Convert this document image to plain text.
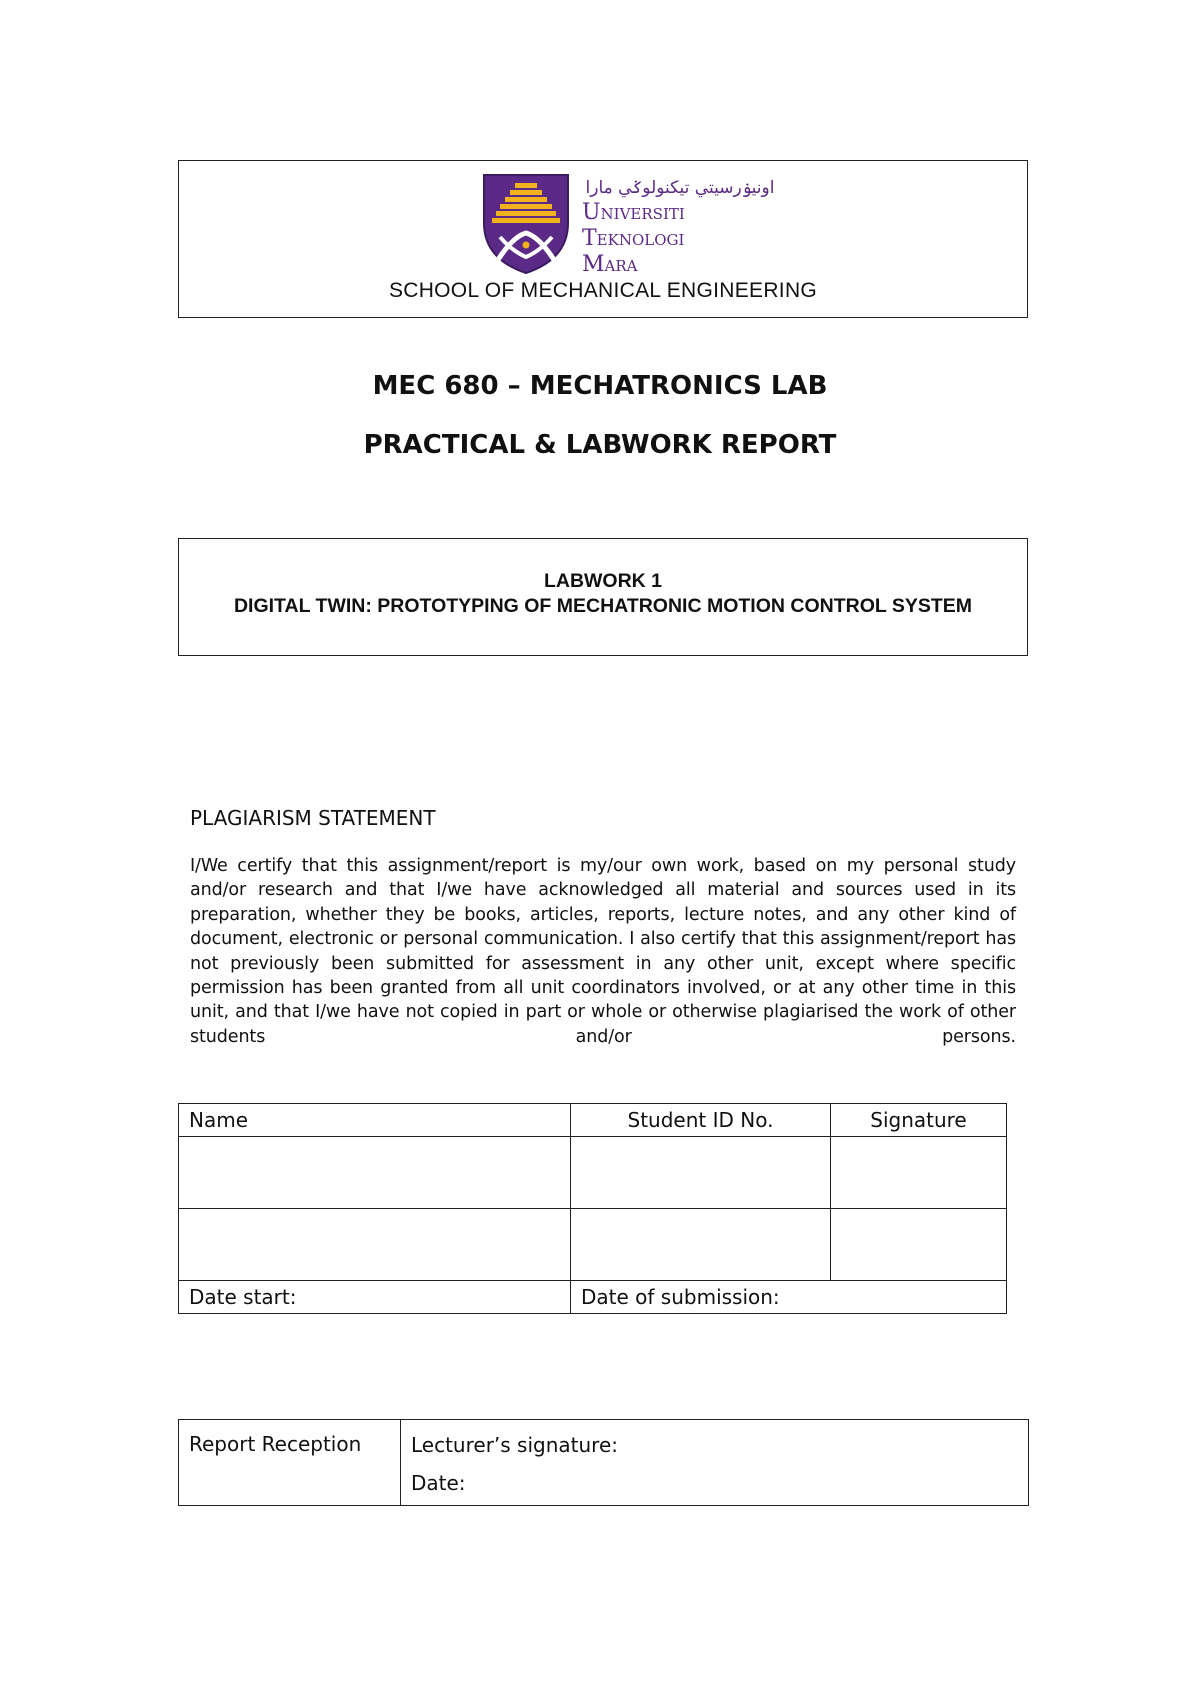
اونيۏرسيتي تيکنولوݢي مارا
Universiti
Teknologi
Mara
SCHOOL OF MECHANICAL ENGINEERING
MEC 680 – MECHATRONICS LAB
PRACTICAL & LABWORK REPORT
LABWORK 1
DIGITAL TWIN: PROTOTYPING OF MECHATRONIC MOTION CONTROL SYSTEM
PLAGIARISM STATEMENT
I/We certify that this assignment/report is my/our own work, based on my personal study and/or research and that I/we have acknowledged all material and sources used in its preparation, whether they be books, articles, reports, lecture notes, and any other kind of document, electronic or personal communication. I also certify that this assignment/report has not previously been submitted for assessment in any other unit, except where specific permission has been granted from all unit coordinators involved, or at any other time in this unit, and that I/we have not copied in part or whole or otherwise plagiarised the work of other students and/or persons.
Name	Student ID No.	Signature

Date start:	Date of submission:	
Report Reception	Lecturer’s signature:
Date:
